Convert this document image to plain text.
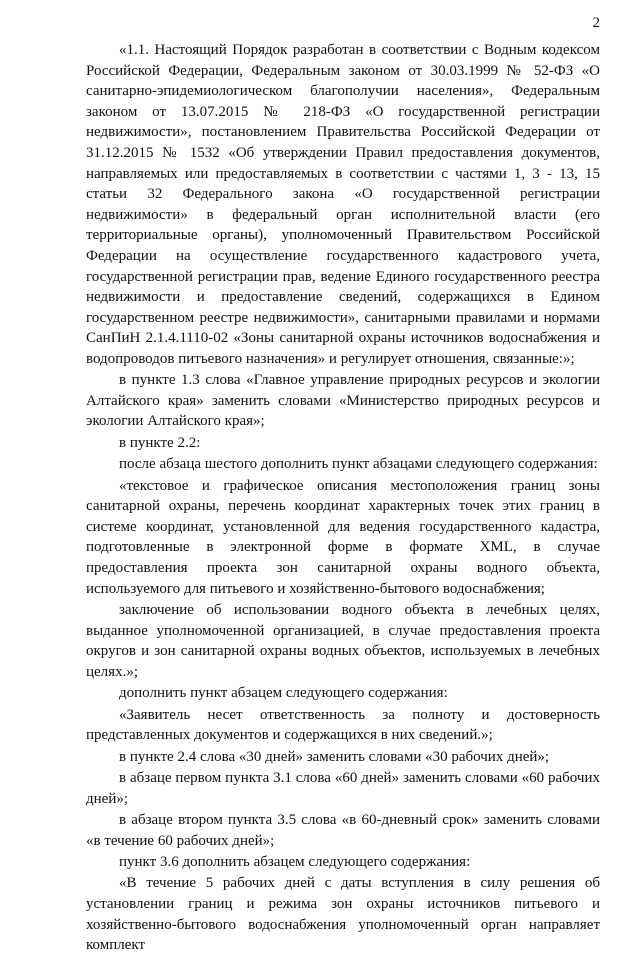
2

«1.1. Настоящий Порядок разработан в соответствии с Водным кодексом Российской Федерации, Федеральным законом от 30.03.1999 № 52-ФЗ «О санитарно-эпидемиологическом благополучии населения», Федеральным законом от 13.07.2015 № 218-ФЗ «О государственной регистрации недвижимости», постановлением Правительства Российской Федерации от 31.12.2015 № 1532 «Об утверждении Правил предоставления документов, направляемых или предоставляемых в соответствии с частями 1, 3 - 13, 15 статьи 32 Федерального закона «О государственной регистрации недвижимости» в федеральный орган исполнительной власти (его территориальные органы), уполномоченный Правительством Российской Федерации на осуществление государственного кадастрового учета, государственной регистрации прав, ведение Единого государственного реестра недвижимости и предоставление сведений, содержащихся в Едином государственном реестре недвижимости», санитарными правилами и нормами СанПиН 2.1.4.1110-02 «Зоны санитарной охраны источников водоснабжения и водопроводов питьевого назначения» и регулирует отношения, связанные:»;

в пункте 1.3 слова «Главное управление природных ресурсов и экологии Алтайского края» заменить словами «Министерство природных ресурсов и экологии Алтайского края»;

в пункте 2.2:

после абзаца шестого дополнить пункт абзацами следующего содержания:

«текстовое и графическое описания местоположения границ зоны санитарной охраны, перечень координат характерных точек этих границ в системе координат, установленной для ведения государственного кадастра, подготовленные в электронной форме в формате XML, в случае предоставления проекта зон санитарной охраны водного объекта, используемого для питьевого и хозяйственно-бытового водоснабжения;

заключение об использовании водного объекта в лечебных целях, выданное уполномоченной организацией, в случае предоставления проекта округов и зон санитарной охраны водных объектов, используемых в лечебных целях.»;

дополнить пункт абзацем следующего содержания:

«Заявитель несет ответственность за полноту и достоверность представленных документов и содержащихся в них сведений.»;

в пункте 2.4 слова «30 дней» заменить словами «30 рабочих дней»;

в абзаце первом пункта 3.1 слова «60 дней» заменить словами «60 рабочих дней»;

в абзаце втором пункта 3.5 слова «в 60-дневный срок» заменить словами «в течение 60 рабочих дней»;

пункт 3.6 дополнить абзацем следующего содержания:

«В течение 5 рабочих дней с даты вступления в силу решения об установлении границ и режима зон охраны источников питьевого и хозяйственно-бытового водоснабжения уполномоченный орган направляет комплект
